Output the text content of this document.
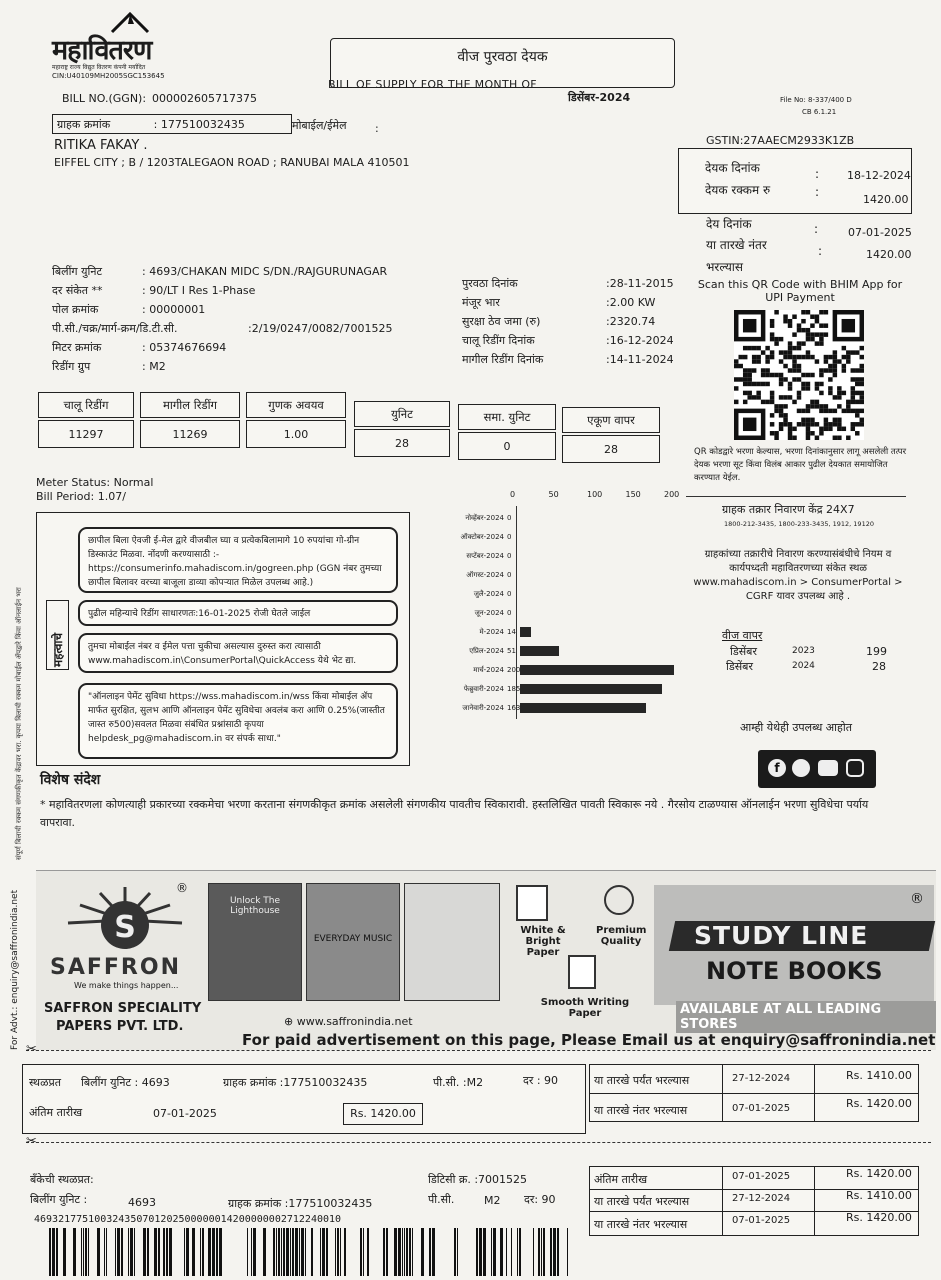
संपूर्ण बिलाची रक्कम संगणकीकृत केंद्रावर भरा. कृपया बिलाची रक्कम मोबाईल ॲपद्वारे किंवा ऑनलाईन भरा
महावितरण
महाराष्ट्र राज्य विद्युत वितरण कंपनी मर्यादित
CIN:U40109MH2005SGC153645
वीज पुरवठा देयक
BILL OF SUPPLY FOR THE MONTH OF
डिसेंबर-2024	File No: 8-337/400 D
CB 6.1.21
BILL NO.(GGN): 000002605717375
ग्राहक क्रमांक	: 177510032435	मोबाईल/ईमेल	:
RITIKA FAKAY .
EIFFEL CITY ; B / 1203TALEGAON ROAD ; RANUBAI MALA 410501
GSTIN:27AAECM2933K1ZB
देयक दिनांक	:	18-12-2024
देयक रक्कम रु	:
1420.00
देय दिनांक	:	07-01-2025
या तारखे नंतर	:	1420.00
भरल्यास
Scan this QR Code with BHIM App for UPI Payment
QR कोडद्वारे भरणा केल्यास, भरणा दिनांकानुसार लागू असलेली तत्पर देयक भरणा सूट किंवा विलंब आकार पुढील देयकात समायोजित करण्यात येईल.
बिलींग युनिट	: 4693/CHAKAN MIDC S/DN./RAJGURUNAGAR
दर संकेत **	: 90/LT I Res 1-Phase
पोल क्रमांक	: 00000001
पी.सी./चक्र/मार्ग-क्रम/डि.टी.सी.	:2/19/0247/0082/7001525
मिटर क्रमांक	: 05374676694
रिडींग ग्रुप	: M2
पुरवठा दिनांक	:28-11-2015
मंजूर भार	:2.00 KW
सुरक्षा ठेव जमा (रु)	:2320.74
चालू रिडींग दिनांक	:16-12-2024
मागील रिडींग दिनांक	:14-11-2024
चालू रिडींग
11297
मागील रिडींग
11269
गुणक अवयव
1.00
युनिट
28
समा. युनिट
0
एकूण वापर
28
Meter Status: Normal
Bill Period: 1.07/
महत्वाचे
छापील बिला ऐवजी ई-मेल द्वारे वीजबील घ्या व प्रत्येकबिलामागे 10 रुपयांचा गो-ग्रीन डिस्काउंट मिळवा. नोंदणी करण्यासाठी :- https://consumerinfo.mahadiscom.in/gogreen.php (GGN नंबर तुमच्या छापील बिलावर वरच्या बाजूला डाव्या कोपऱ्यात मिळेल उपलब्ध आहे.)
पुढील महिन्याचे रिडींग साधारणतः:16-01-2025 रोजी घेतले जाईल
तुमचा मोबाईल नंबर व ईमेल पत्ता चुकीचा असल्यास दुरुस्त करा त्यासाठी www.mahadiscom.in\ConsumerPortal\QuickAccess येथे भेट द्या.
"ऑनलाइन पेमेंट सुविधा https://wss.mahadiscom.in/wss किंवा मोबाईल ॲप मार्फत सुरक्षित, सुलभ आणि ऑनलाइन पेमेंट सुविधेचा अवलंब करा आणि 0.25%(जास्तीत जास्त रु500)सवलत मिळवा संबंधित प्रश्नांसाठी कृपया helpdesk_pg@mahadiscom.in वर संपर्क साधा."
0	50	100	150	200
नोव्हेंबर-2024 0
ऑक्टोबर-2024 0
सप्टेंबर-2024 0
ऑगस्ट-2024 0
जुलै-2024 0
जून-2024 0
मे-2024 14
एप्रिल-2024 51
मार्च-2024 200
फेब्रुवारी-2024 185
जानेवारी-2024 163
ग्राहक तक्रार निवारण केंद्र 24X7
1800-212-3435, 1800-233-3435, 1912, 19120
ग्राहकांच्या तक्रारीचे निवारण करण्यासंबंधीचे नियम व कार्यपध्दती महावितरणच्या संकेत स्थळ www.mahadiscom.in > ConsumerPortal > CGRF यावर उपलब्ध आहे .
वीज वापर
डिसेंबर	2023	199
डिसेंबर	2024	28
आम्ही येथेही उपलब्ध आहोत
f
विशेष संदेश
* महावितरणला कोणत्याही प्रकारच्या रक्कमेचा भरणा करताना संगणकीकृत क्रमांक असलेली संगणकीय पावतीच स्विकारावी. हस्तलिखित पावती स्विकारू नये . गैरसोय टाळण्यास ऑनलाईन भरणा सुविधेचा पर्याय वापरावा.
For Advt.: enquiry@saffronindia.net	S
SAFFRON
We make things happen...
SAFFRON SPECIALITY
PAPERS PVT. LTD.
®
Unlock The Lighthouse
EVERYDAY MUSIC
⊕ www.saffronindia.net
White & Bright Paper
Premium Quality
Smooth Writing Paper
STUDY LINE
NOTE BOOKS
®
AVAILABLE AT ALL LEADING STORES
For paid advertisement on this page, Please Email us at enquiry@saffronindia.net
✂
✂
स्थळप्रत बिलींग युनिट : 4693	ग्राहक क्रमांक :177510032435	पी.सी. :M2	दर : 90
अंतिम तारीख	07-01-2025	Rs. 1420.00
या तारखे पर्यंत भरल्यास	27-12-2024	Rs. 1410.00
या तारखे नंतर भरल्यास	07-01-2025	Rs. 1420.00
बँकेची स्थळप्रत:
बिलींग युनिट :	4693	ग्राहक क्रमांक :177510032435
डिटिसी क्र. :7001525
पी.सी.	M2 दर: 90
469321775100324350701202500000014200000002712240010
अंतिम तारीख	07-01-2025	Rs. 1420.00
या तारखे पर्यंत भरल्यास	27-12-2024	Rs. 1410.00
या तारखे नंतर भरल्यास	07-01-2025	Rs. 1420.00
